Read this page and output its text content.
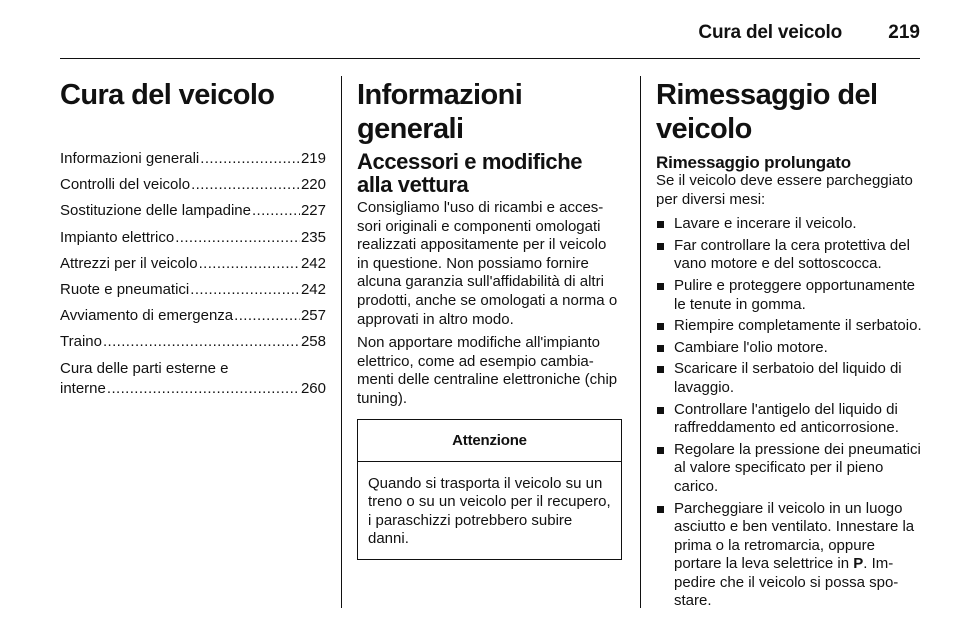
Cura del veicolo 219
Cura del veicolo
Informazioni generali .....	219
Controlli del veicolo .....	220
Sostituzione delle lampadine .....	227
Impianto elettrico .....	235
Attrezzi per il veicolo .....	242
Ruote e pneumatici .....	242
Avviamento di emergenza .....	257
Traino .....	258
Cura delle parti esterne e
interne .....	260
Informazioni generali
Accessori e modifiche alla vettura

Consigliamo l'uso di ricambi e accessori originali e componenti omologati realizzati appositamente per il veicolo in questione. Non possiamo fornire alcuna garanzia sull'affidabilità di altri prodotti, anche se omologati a norma o approvati in altro modo.

Non apportare modifiche all'impianto elettrico, come ad esempio cambiamenti delle centraline elettroniche (chip tuning).

Attenzione
Quando si trasporta il veicolo su un treno o su un veicolo per il recupero, i paraschizzi potrebbero subire danni.
Rimessaggio del veicolo
Rimessaggio prolungato

Se il veicolo deve essere parcheggiato per diversi mesi:

Lavare e incerare il veicolo.
Far controllare la cera protettiva del vano motore e del sottoscocca.
Pulire e proteggere opportunamente le tenute in gomma.
Riempire completamente il serbatoio.
Cambiare l'olio motore.
Scaricare il serbatoio del liquido di lavaggio.
Controllare l'antigelo del liquido di raffreddamento ed anticorrosione.
Regolare la pressione dei pneumatici al valore specificato per il pieno carico.
Parcheggiare il veicolo in un luogo asciutto e ben ventilato. Innestare la prima o la retromarcia, oppure portare la leva selettrice in P. Impedire che il veicolo si possa spostare.
